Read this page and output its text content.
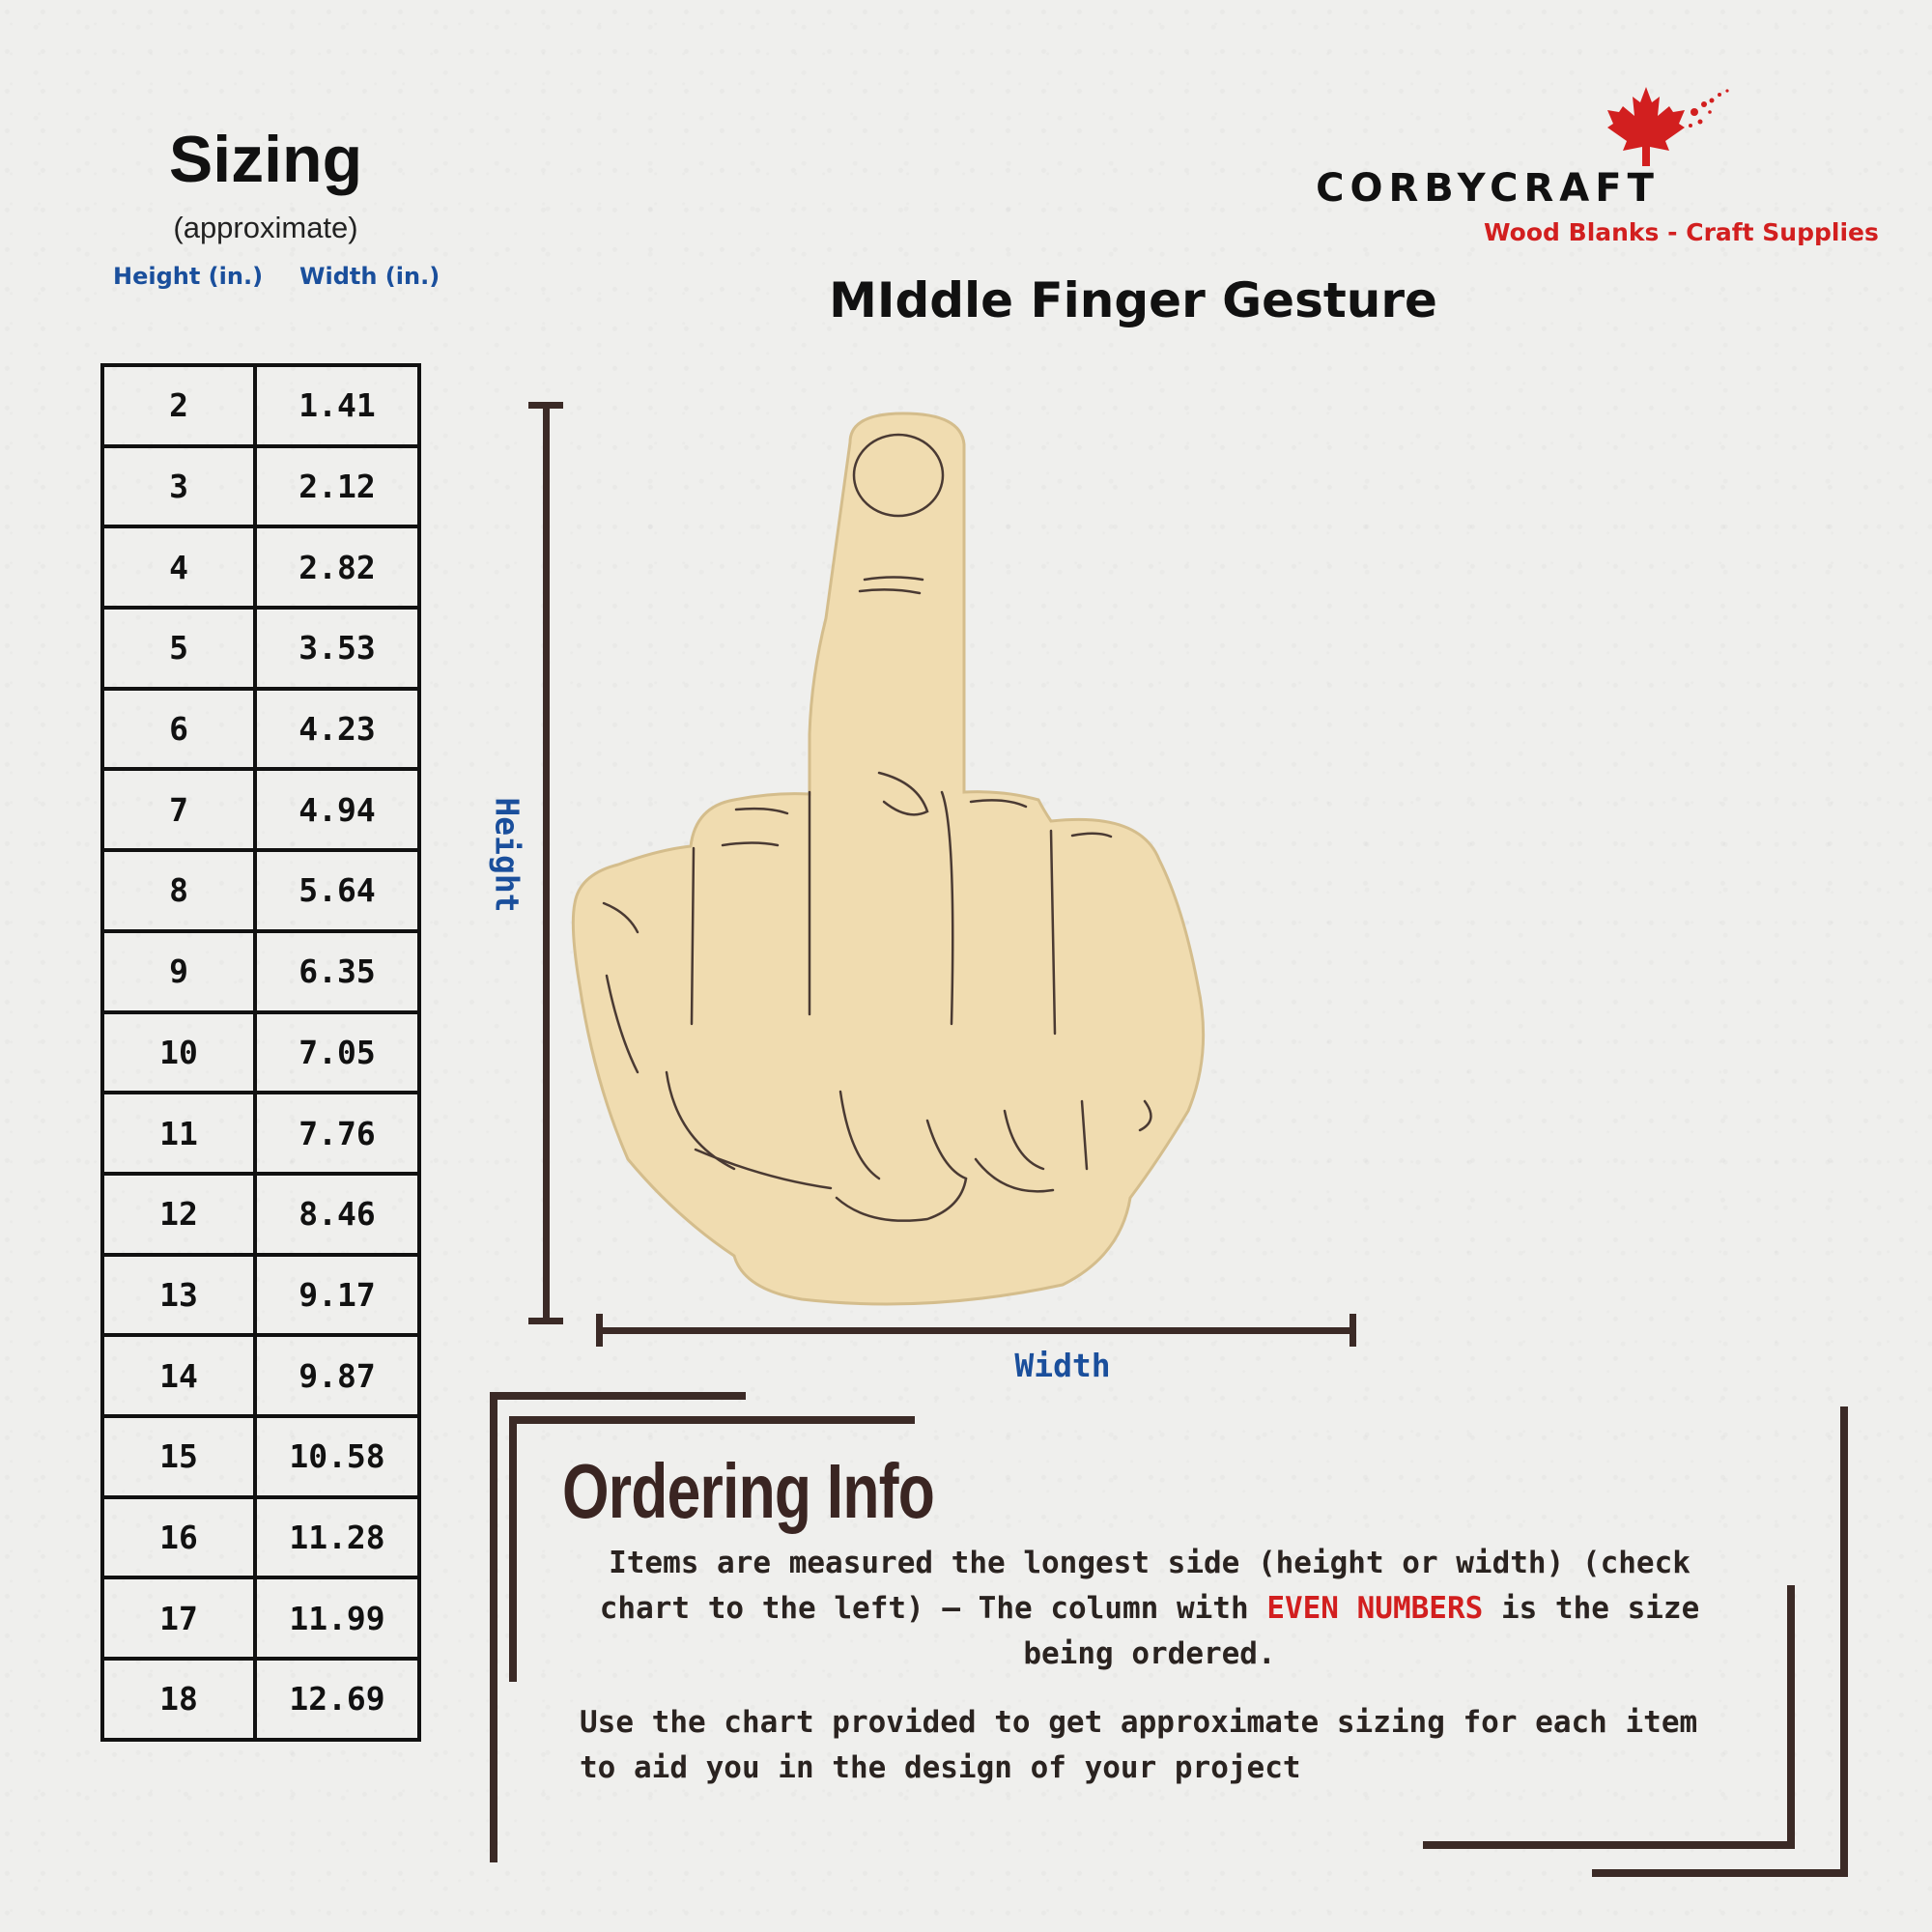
Sizing
(approximate)
Height (in.) Width (in.)
2	1.41
3	2.12
4	2.82
5	3.53
6	4.23
7	4.94
8	5.64
9	6.35
10	7.05
11	7.76
12	8.46
13	9.17
14	9.87
15	10.58
16	11.28
17	11.99
18	12.69
CORBYCRAFT
Wood Blanks - Craft Supplies
MIddle Finger Gesture
Height
Width
Ordering Info
Items are measured the longest side (height or width) (check chart to the left) – The column with EVEN NUMBERS is the size being ordered.
Use the chart provided to get approximate sizing for each item to aid you in the design of your project
